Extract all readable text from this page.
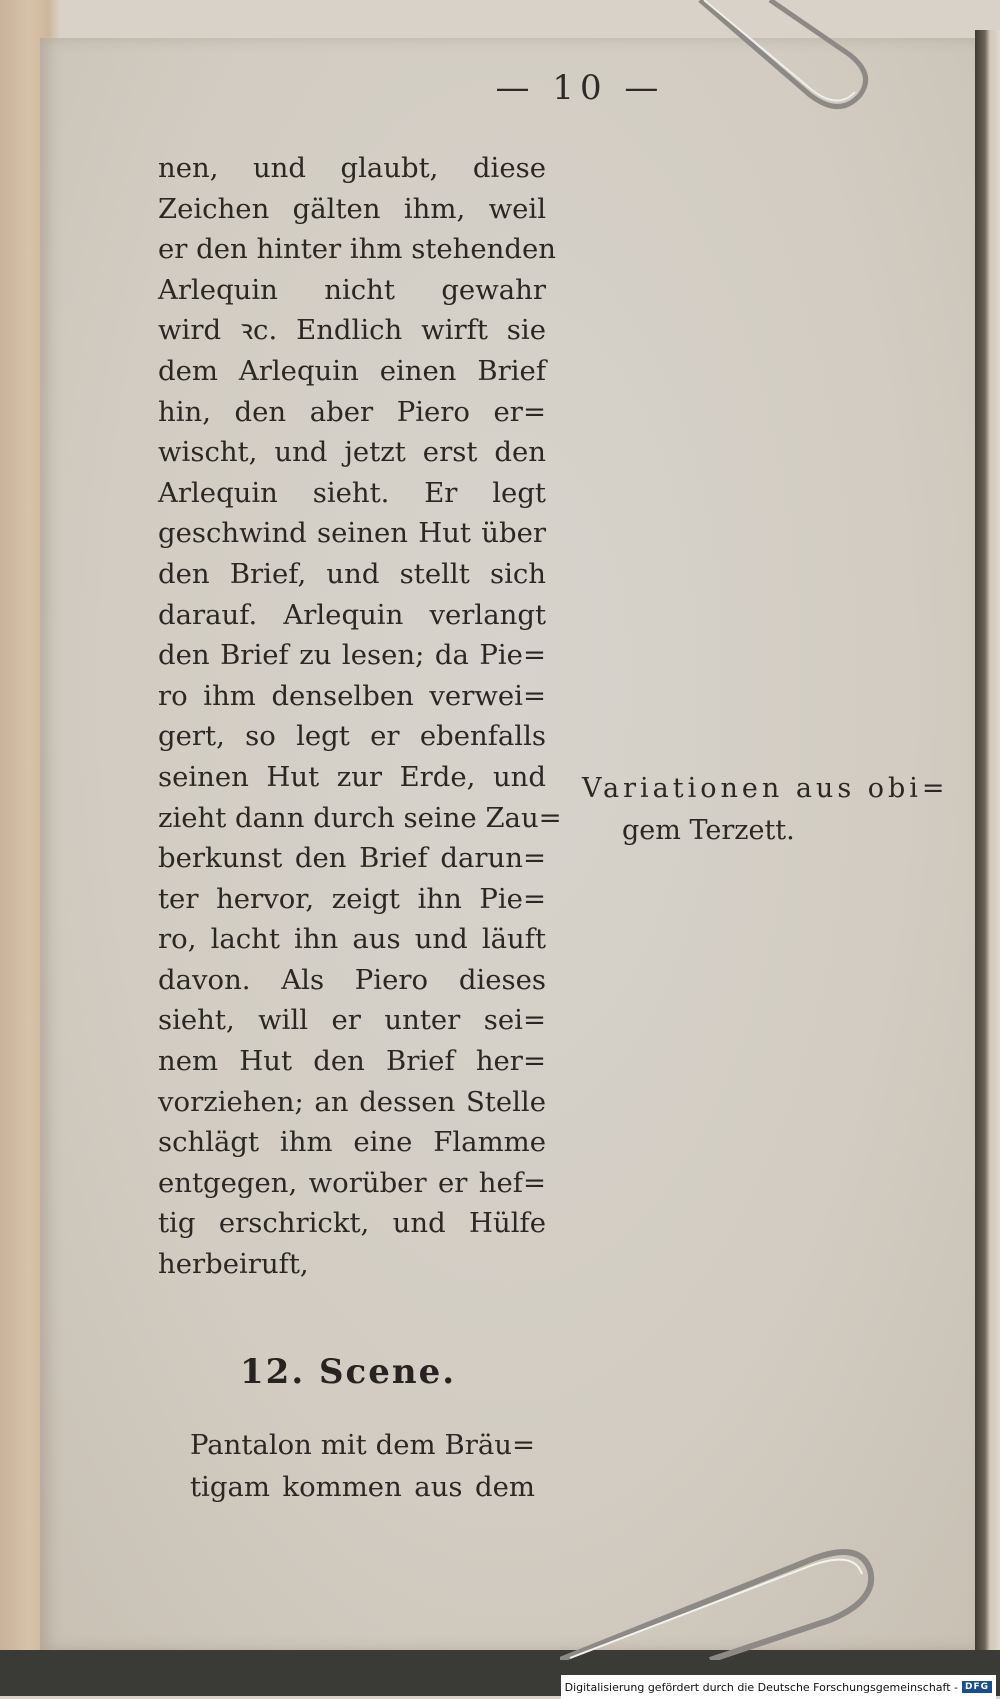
— 10 —
nen, und glaubt, diese
Zeichen gälten ihm, weil
er den hinter ihm stehenden
Arlequin nicht gewahr
wird ꝛc. Endlich wirft sie
dem Arlequin einen Brief
hin, den aber Piero er=
wischt, und jetzt erst den
Arlequin sieht. Er legt
geschwind seinen Hut über
den Brief, und stellt sich
darauf. Arlequin verlangt
den Brief zu lesen; da Pie=
ro ihm denselben verwei=
gert, so legt er ebenfalls
seinen Hut zur Erde, und
zieht dann durch seine Zau=
berkunst den Brief darun=
ter hervor, zeigt ihn Pie=
ro, lacht ihn aus und läuft
davon. Als Piero dieses
sieht, will er unter sei=
nem Hut den Brief her=
vorziehen; an dessen Stelle
schlägt ihm eine Flamme
entgegen, worüber er hef=
tig erschrickt, und Hülfe
herbeiruft,
12. Scene.
Pantalon mit dem Bräu=
tigam kommen aus dem
Variationen aus obi=
gem Terzett.
Digitalisierung gefördert durch die Deutsche Forschungsgemeinschaft - DFG
